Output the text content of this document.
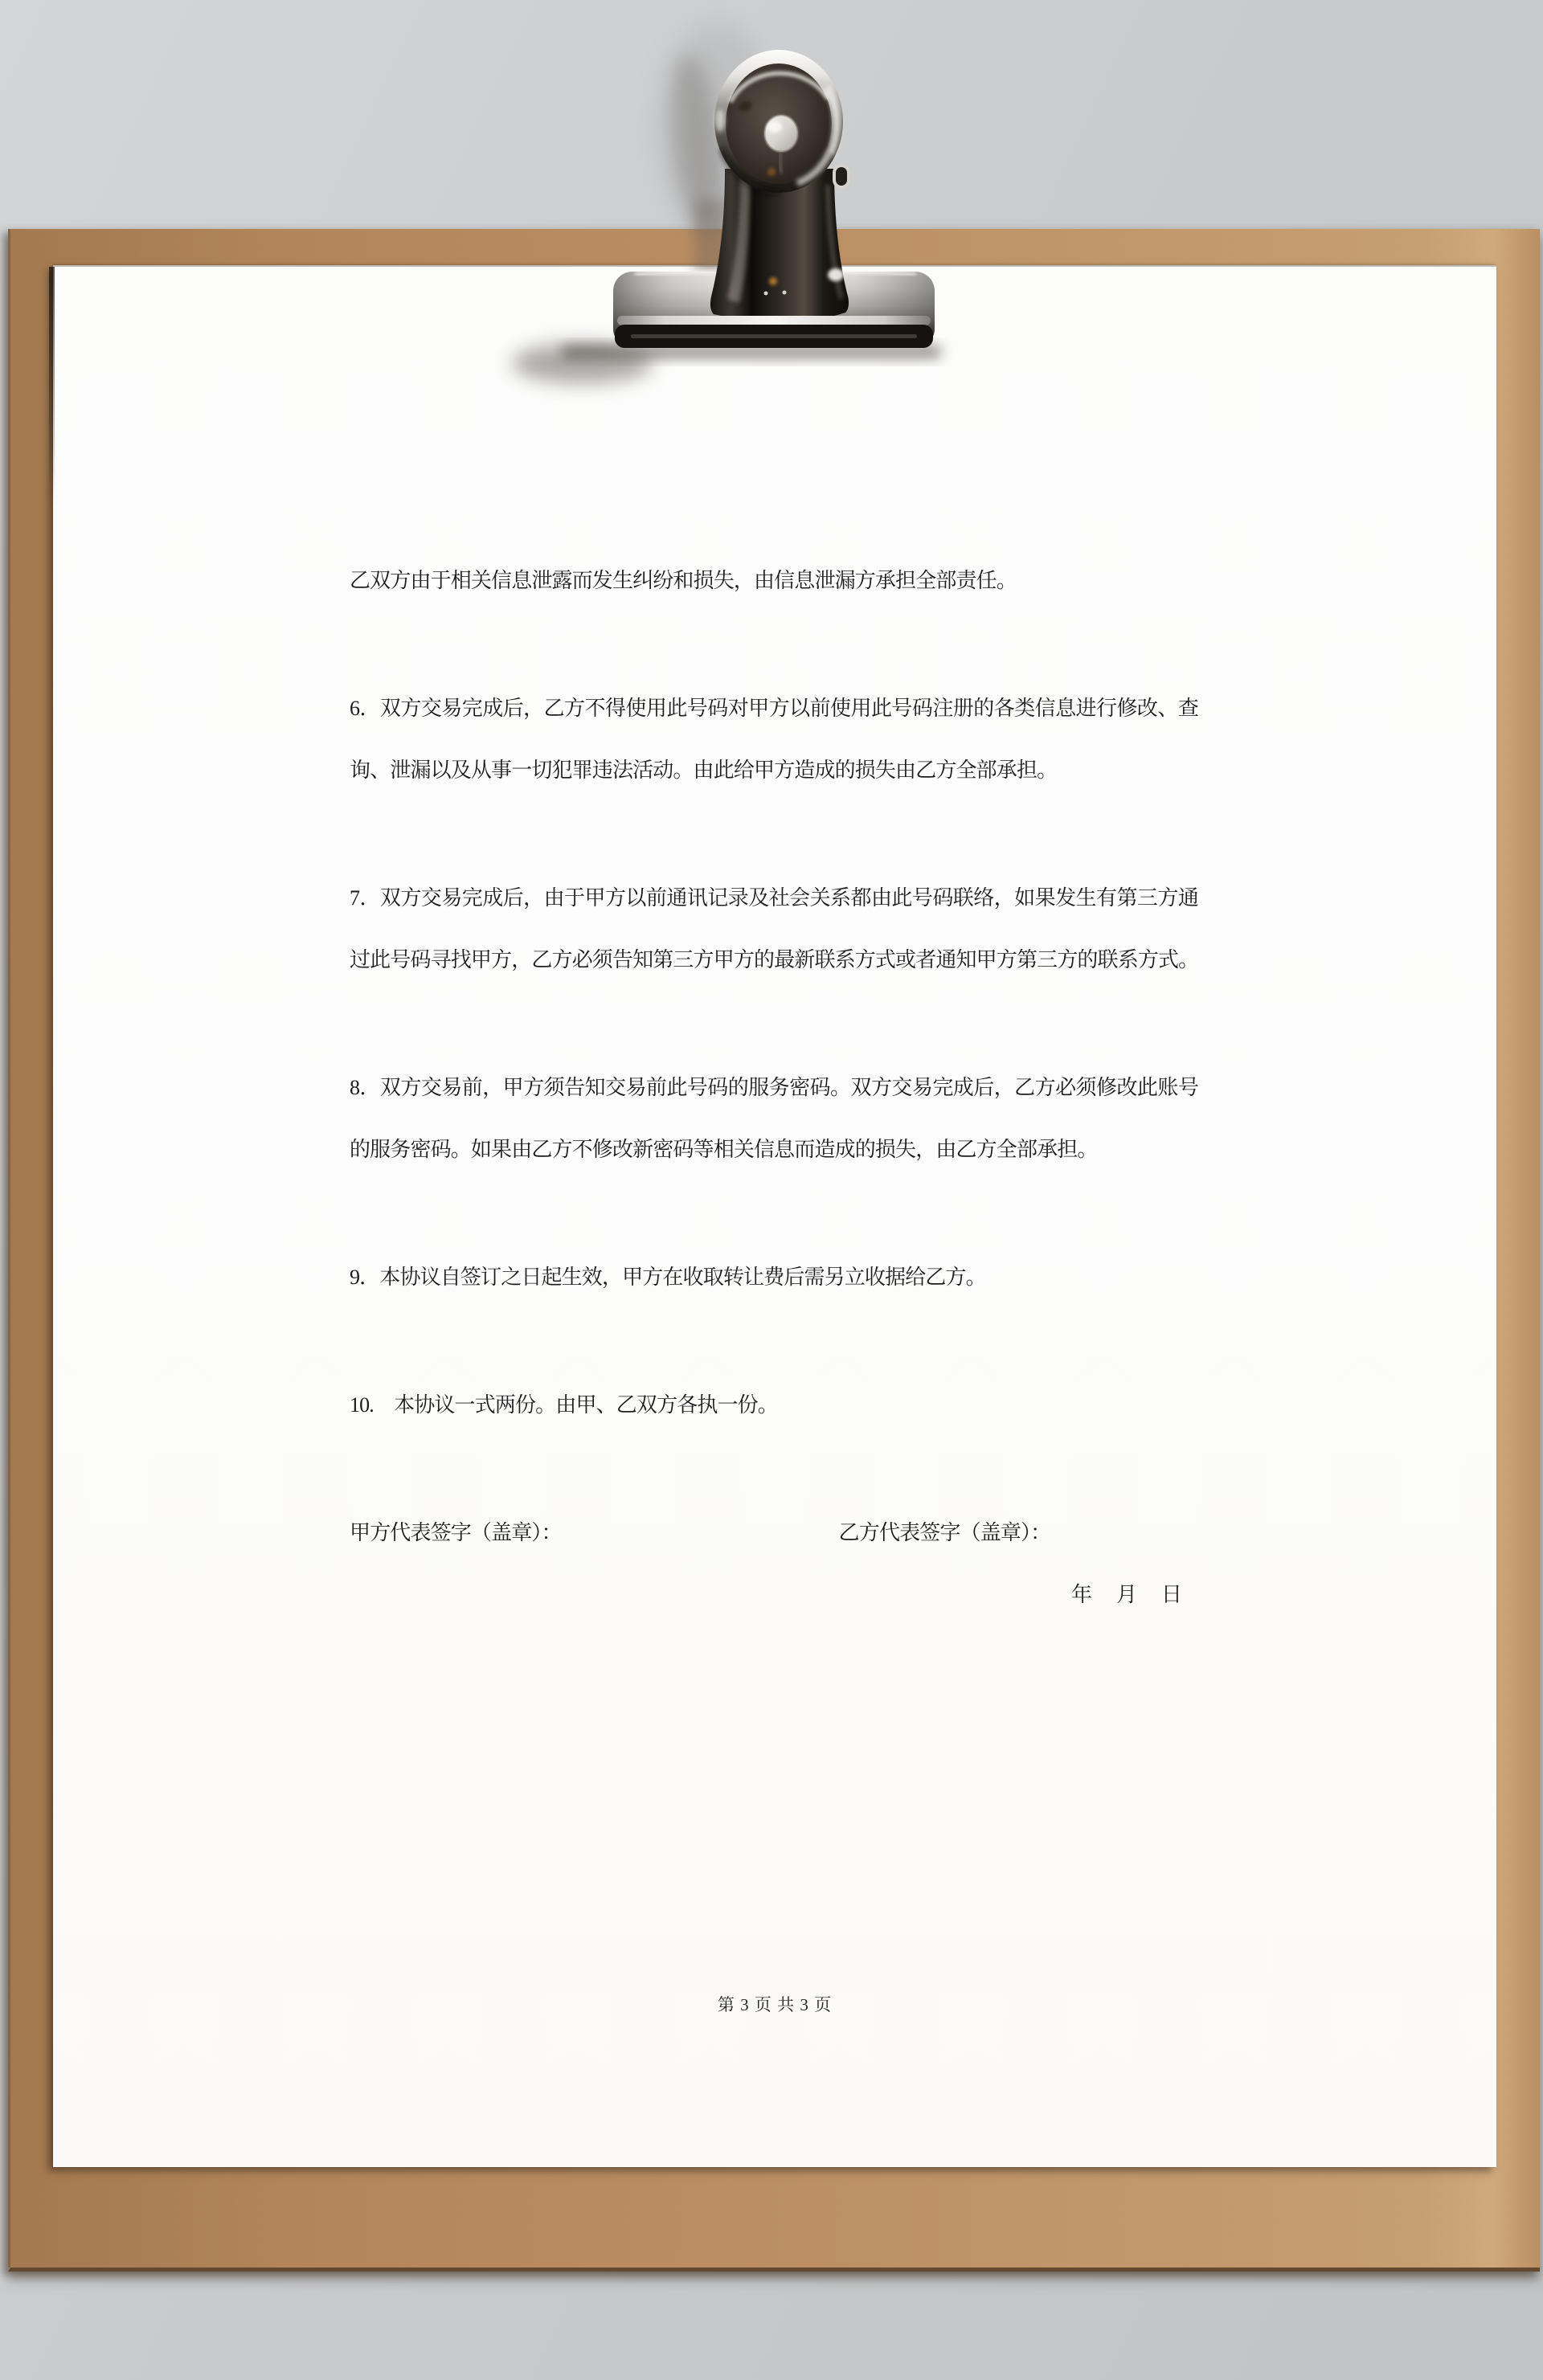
乙双方由于相关信息泄露而发生纠纷和损失，由信息泄漏方承担全部责任。
6．双方交易完成后，乙方不得使用此号码对甲方以前使用此号码注册的各类信息进行修改、查
询、泄漏以及从事一切犯罪违法活动。由此给甲方造成的损失由乙方全部承担。
7．双方交易完成后，由于甲方以前通讯记录及社会关系都由此号码联络，如果发生有第三方通
过此号码寻找甲方，乙方必须告知第三方甲方的最新联系方式或者通知甲方第三方的联系方式。
8．双方交易前，甲方须告知交易前此号码的服务密码。双方交易完成后，乙方必须修改此账号
的服务密码。如果由乙方不修改新密码等相关信息而造成的损失，由乙方全部承担。
9．本协议自签订之日起生效，甲方在收取转让费后需另立收据给乙方。
10.　本协议一式两份。由甲、乙双方各执一份。
甲方代表签字（盖章）：	乙方代表签字（盖章）：
年　 月　 日
第 3 页 共 3 页
